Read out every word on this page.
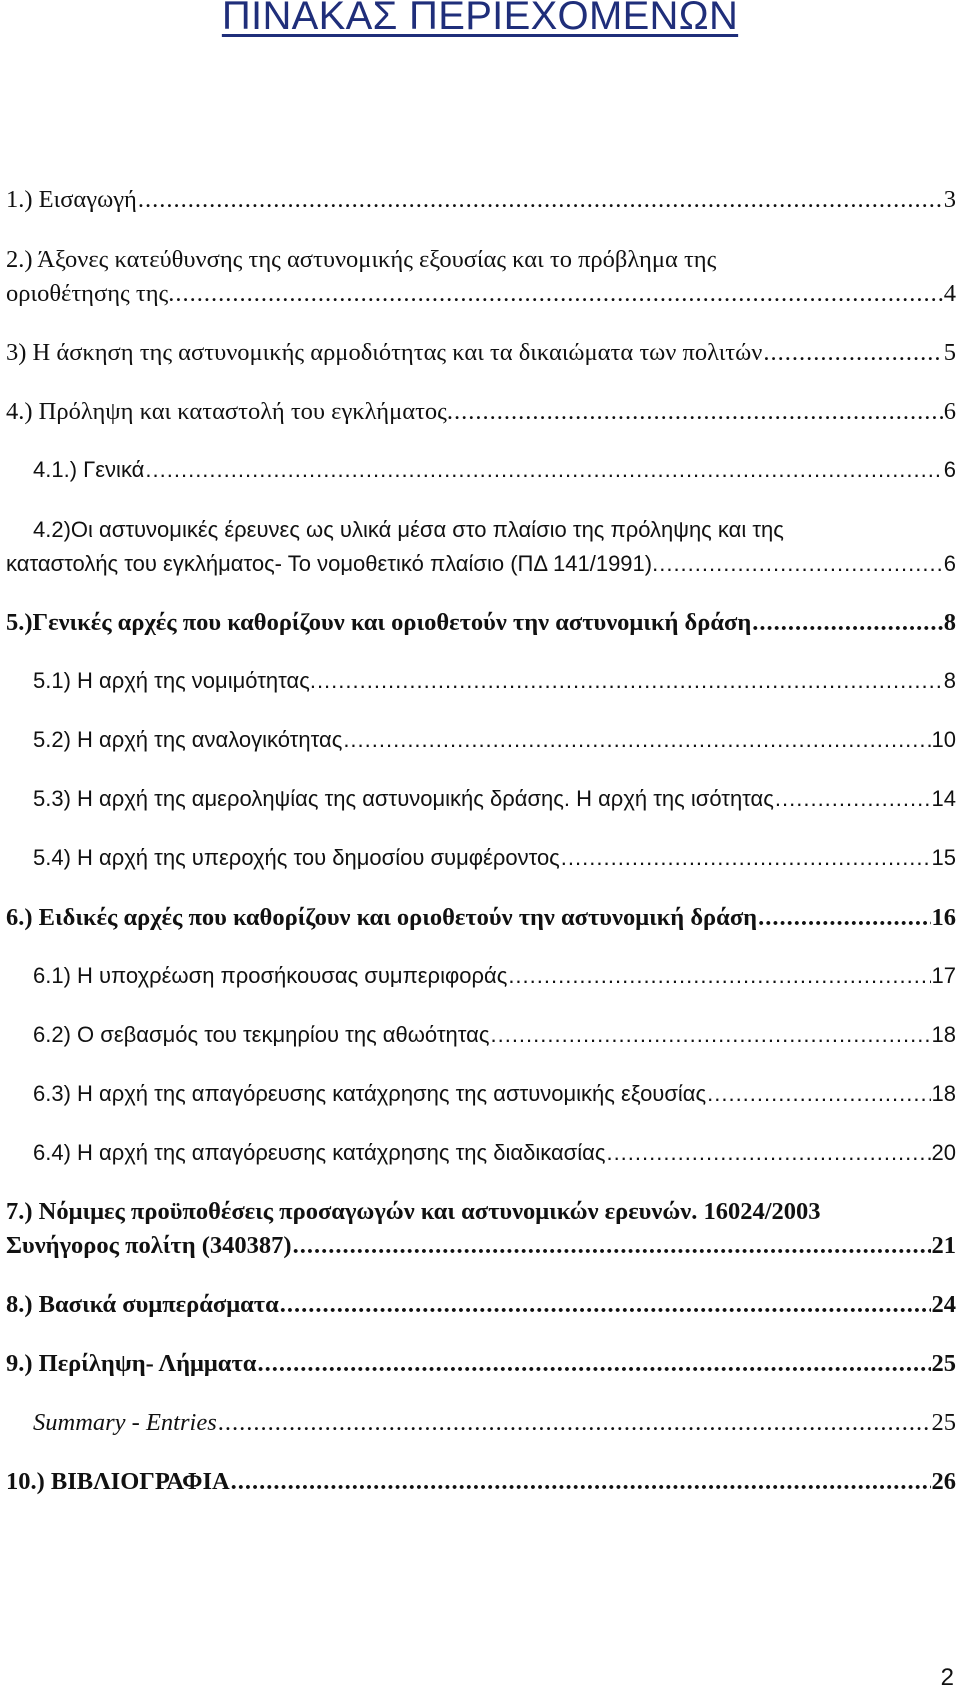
ΠΙΝΑΚΑΣ ΠΕΡΙΕΧΟΜΕΝΩΝ
1.) Εισαγωγή .....	3
2.) Άξονες κατεύθυνσης της αστυνομικής εξουσίας και το πρόβλημα της
οριοθέτησης της. .....	4
3) Η άσκηση της αστυνομικής αρμοδιότητας και τα δικαιώματα των πολιτών .....	5
4.) Πρόληψη και καταστολή του εγκλήματος. .....	6
4.1.) Γενικά .....	6
4.2)Οι αστυνομικές έρευνες ως υλικά μέσα στο πλαίσιο της πρόληψης και της
καταστολής του εγκλήματος- Το νομοθετικό πλαίσιο (ΠΔ 141/1991). .....	6
5.)Γενικές αρχές που καθορίζουν και οριοθετούν την αστυνομική δράση .....	8
5.1) Η αρχή της νομιμότητας. .....	8
5.2) Η αρχή της αναλογικότητας .....	10
5.3) Η αρχή της αμεροληψίας της αστυνομικής δράσης. Η αρχή της ισότητας .....	14
5.4) Η αρχή της υπεροχής του δημοσίου συμφέροντος .....	15
6.) Ειδικές αρχές που καθορίζουν και οριοθετούν την αστυνομική δράση .....	16
6.1) Η υποχρέωση προσήκουσας συμπεριφοράς .....	17
6.2) Ο σεβασμός του τεκμηρίου της αθωότητας .....	18
6.3) Η αρχή της απαγόρευσης κατάχρησης της αστυνομικής εξουσίας .....	18
6.4) Η αρχή της απαγόρευσης κατάχρησης της διαδικασίας .....	20
7.) Νόμιμες προϋποθέσεις προσαγωγών και αστυνομικών ερευνών. 16024/2003
Συνήγορος πολίτη (340387) .....	21
8.) Βασικά συμπεράσματα .....	24
9.) Περίληψη- Λήμματα .....	25
Summary - Entries .....	25
10.) ΒΙΒΛΙΟΓΡΑΦΙΑ .....	26
2
